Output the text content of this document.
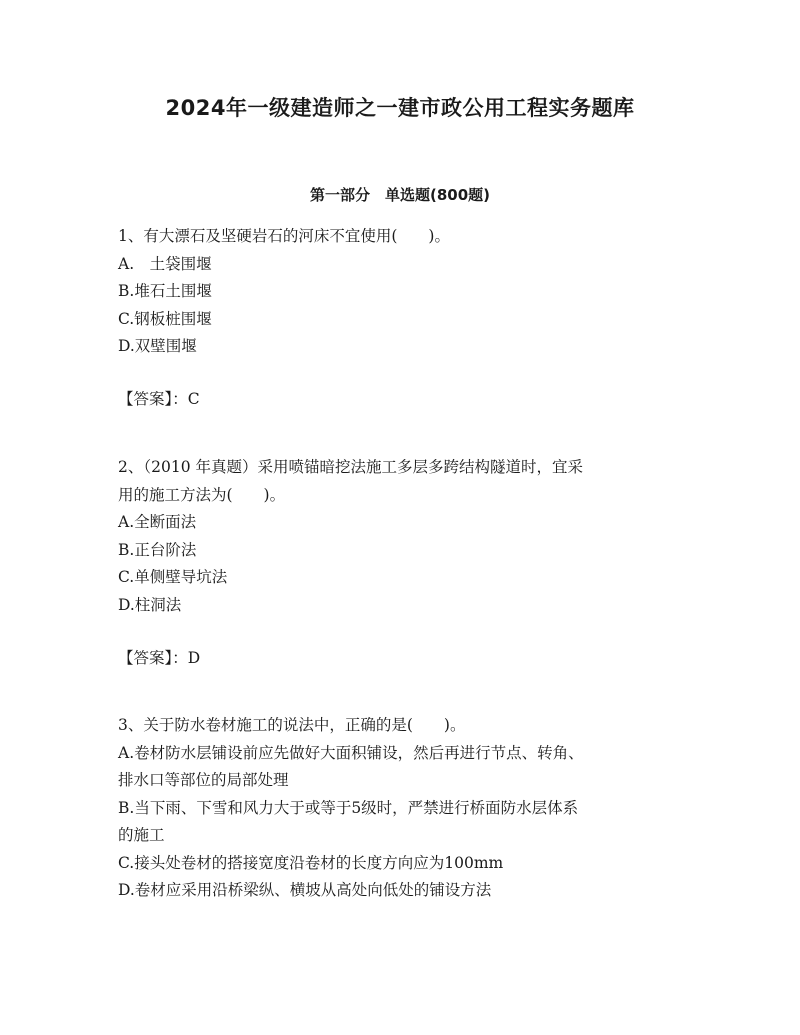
2024年一级建造师之一建市政公用工程实务题库
第一部分　单选题(800题)
1、有大漂石及坚硬岩石的河床不宜使用(　　)。
A.　土袋围堰
B.堆石土围堰
C.钢板桩围堰
D.双壁围堰
【答案】：C
2、（2010 年真题）采用喷锚暗挖法施工多层多跨结构隧道时，宜采
用的施工方法为(　　)。
A.全断面法
B.正台阶法
C.单侧壁导坑法
D.柱洞法
【答案】：D
3、关于防水卷材施工的说法中，正确的是(　　)。
A.卷材防水层铺设前应先做好大面积铺设，然后再进行节点、转角、
排水口等部位的局部处理
B.当下雨、下雪和风力大于或等于5级时，严禁进行桥面防水层体系
的施工
C.接头处卷材的搭接宽度沿卷材的长度方向应为100mm
D.卷材应采用沿桥梁纵、横坡从高处向低处的铺设方法
